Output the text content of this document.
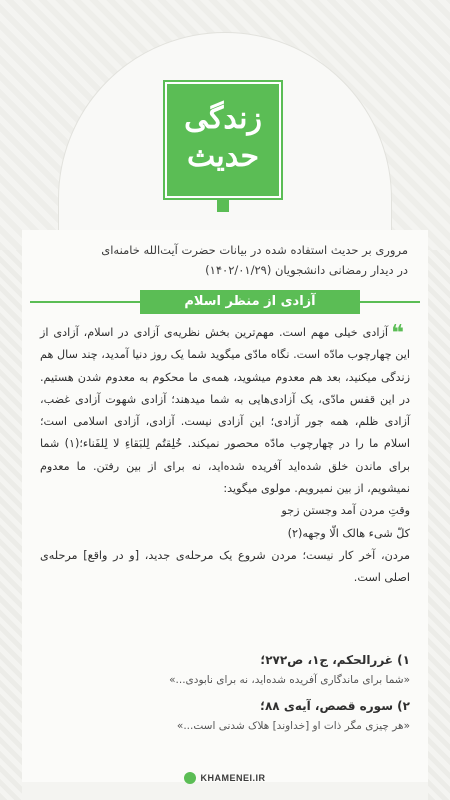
زندگی حدیث
مروری بر حدیث استفاده شده در بیانات حضرت آیت‌الله خامنه‌ای
در دیدار رمضانی دانشجویان (۱۴۰۲/۰۱/۲۹)
آزادی از منظر اسلام
❝
آزادی خیلی مهم است. مهم‌ترین بخش نظریه‌ی آزادی در اسلام، آزادی از این چهارچوب مادّه است. نگاه مادّی میگوید شما یک روز دنیا آمدید، چند سال هم زندگی میکنید، بعد هم معدوم میشوید، همه‌ی ما محکوم به معدوم شدن هستیم. در این قفس مادّی، یک آزادی‌هایی به شما میدهند؛ آزادی شهوت آزادی غضب، آزادی ظلم، همه جور آزادی؛ این آزادی نیست. آزادی، آزادی اسلامی است؛ اسلام ما را در چهارچوب مادّه محصور نمیکند. خُلِقتُم لِلبَقاءِ لا لِلفَناء؛(۱) شما برای ماندن خلق شده‌اید آفریده شده‌اید، نه برای از بین رفتن. ما معدوم نمیشویم، از بین نمیرویم. مولوی میگوید:
وقتِ مردن آمد وجستن زجو
کلّ شیء هالک الّا وجهه(۲)
مردن، آخر کار نیست؛ مردن شروع یک مرحله‌ی جدید، [و در واقع] مرحله‌ی اصلی است.
۱) غررالحکم، ج۱، ص۲۷۲؛
«شما برای ماندگاری آفریده شده‌اید، نه برای نابودی...»
۲) سوره قصص، آیه‌ی ۸۸؛
«هر چیزی مگر ذات او [خداوند] هلاک شدنی است...»
KHAMENEI.IR
